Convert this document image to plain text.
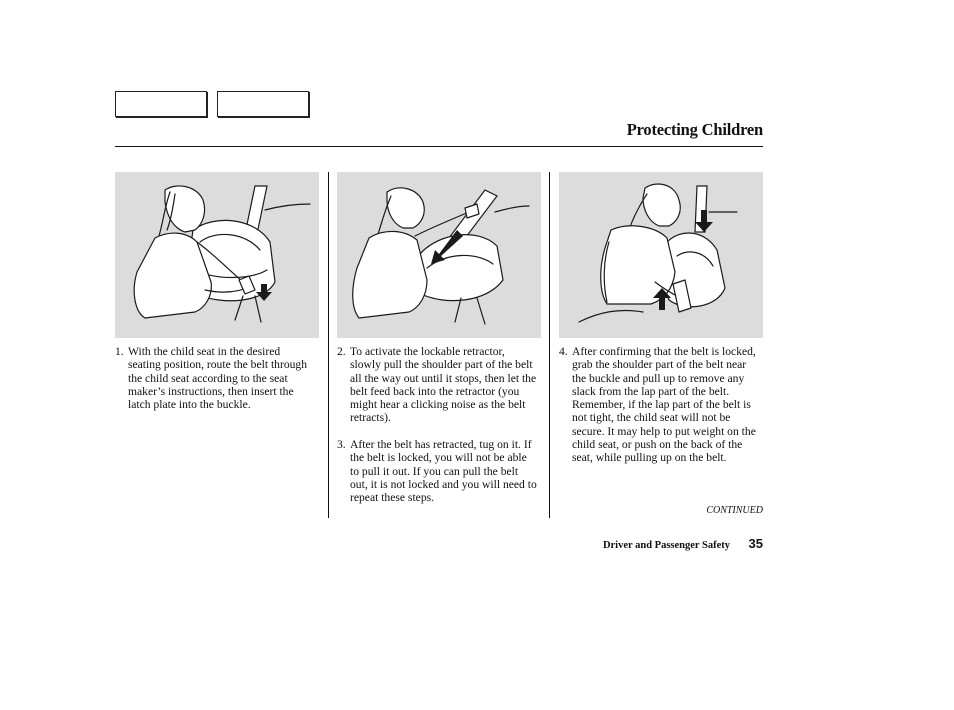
Protecting Children

1. With the child seat in the desired seating position, route the belt through the child seat according to the seat maker’s instructions, then insert the latch plate into the buckle.

2. To activate the lockable retractor, slowly pull the shoulder part of the belt all the way out until it stops, then let the belt feed back into the retractor (you might hear a clicking noise as the belt retracts).

3. After the belt has retracted, tug on it. If the belt is locked, you will not be able to pull it out. If you can pull the belt out, it is not locked and you will need to repeat these steps.

4. After confirming that the belt is locked, grab the shoulder part of the belt near the buckle and pull up to remove any slack from the lap part of the belt. Remember, if the lap part of the belt is not tight, the child seat will not be secure. It may help to put weight on the child seat, or push on the back of the seat, while pulling up on the belt.

CONTINUED
Driver and Passenger Safety 35
